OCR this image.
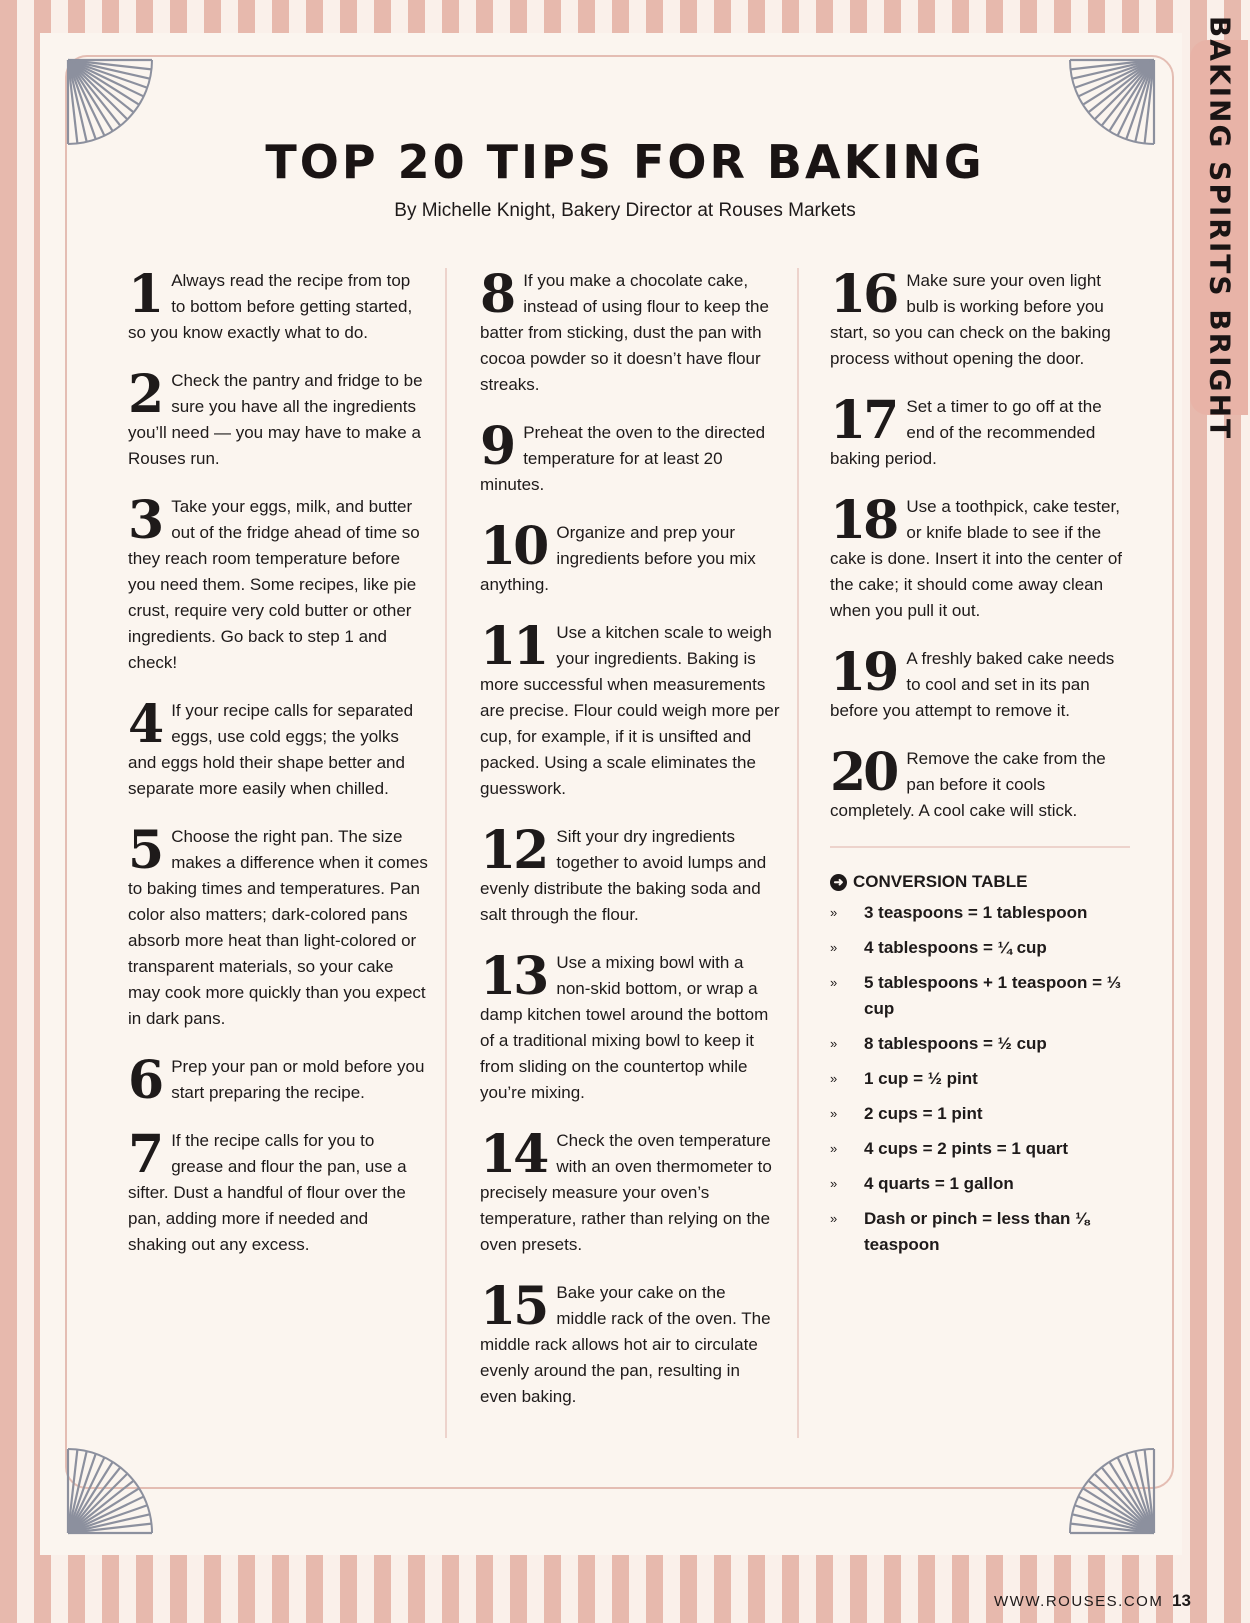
BAKING SPIRITS BRIGHT
TOP 20 TIPS FOR BAKING

By Michelle Knight, Bakery Director at Rouses Markets

1 Always read the recipe from top to bottom before getting started, so you know exactly what to do.
2 Check the pantry and fridge to be sure you have all the ingredients you’ll need — you may have to make a Rouses run.
3 Take your eggs, milk, and butter out of the fridge ahead of time so they reach room temperature before you need them. Some recipes, like pie crust, require very cold butter or other ingredients. Go back to step 1 and check!
4 If your recipe calls for separated eggs, use cold eggs; the yolks and eggs hold their shape better and separate more easily when chilled.
5 Choose the right pan. The size makes a difference when it comes to baking times and temperatures. Pan color also matters; dark-colored pans absorb more heat than light-colored or transparent materials, so your cake may cook more quickly than you expect in dark pans.
6 Prep your pan or mold before you start preparing the recipe.
7 If the recipe calls for you to grease and flour the pan, use a sifter. Dust a handful of flour over the pan, adding more if needed and shaking out any excess.
8 If you make a chocolate cake, instead of using flour to keep the batter from sticking, dust the pan with cocoa powder so it doesn’t have flour streaks.
9 Preheat the oven to the directed temperature for at least 20 minutes.
10 Organize and prep your ingredients before you mix anything.
11 Use a kitchen scale to weigh your ingredients. Baking is more successful when measurements are precise. Flour could weigh more per cup, for example, if it is unsifted and packed. Using a scale eliminates the guesswork.
12 Sift your dry ingredients together to avoid lumps and evenly distribute the baking soda and salt through the flour.
13 Use a mixing bowl with a non-skid bottom, or wrap a damp kitchen towel around the bottom of a traditional mixing bowl to keep it from sliding on the countertop while you’re mixing.
14 Check the oven temperature with an oven thermometer to precisely measure your oven’s temperature, rather than relying on the oven presets.
15 Bake your cake on the middle rack of the oven. The middle rack allows hot air to circulate evenly around the pan, resulting in even baking.
16 Make sure your oven light bulb is working before you start, so you can check on the baking process without opening the door.
17 Set a timer to go off at the end of the recommended baking period.
18 Use a toothpick, cake tester, or knife blade to see if the cake is done. Insert it into the center of the cake; it should come away clean when you pull it out.
19 A freshly baked cake needs to cool and set in its pan before you attempt to remove it.
20 Remove the cake from the pan before it cools completely. A cool cake will stick.
➜ CONVERSION TABLE
»	3 teaspoons = 1 tablespoon
»	4 tablespoons = ¼ cup
»	5 tablespoons + 1 teaspoon = ⅓ cup
»	8 tablespoons = ½ cup
»	1 cup = ½ pint
»	2 cups = 1 pint
»	4 cups = 2 pints = 1 quart
»	4 quarts = 1 gallon
»	Dash or pinch = less than ⅛ teaspoon
WWW.ROUSES.COM 13
